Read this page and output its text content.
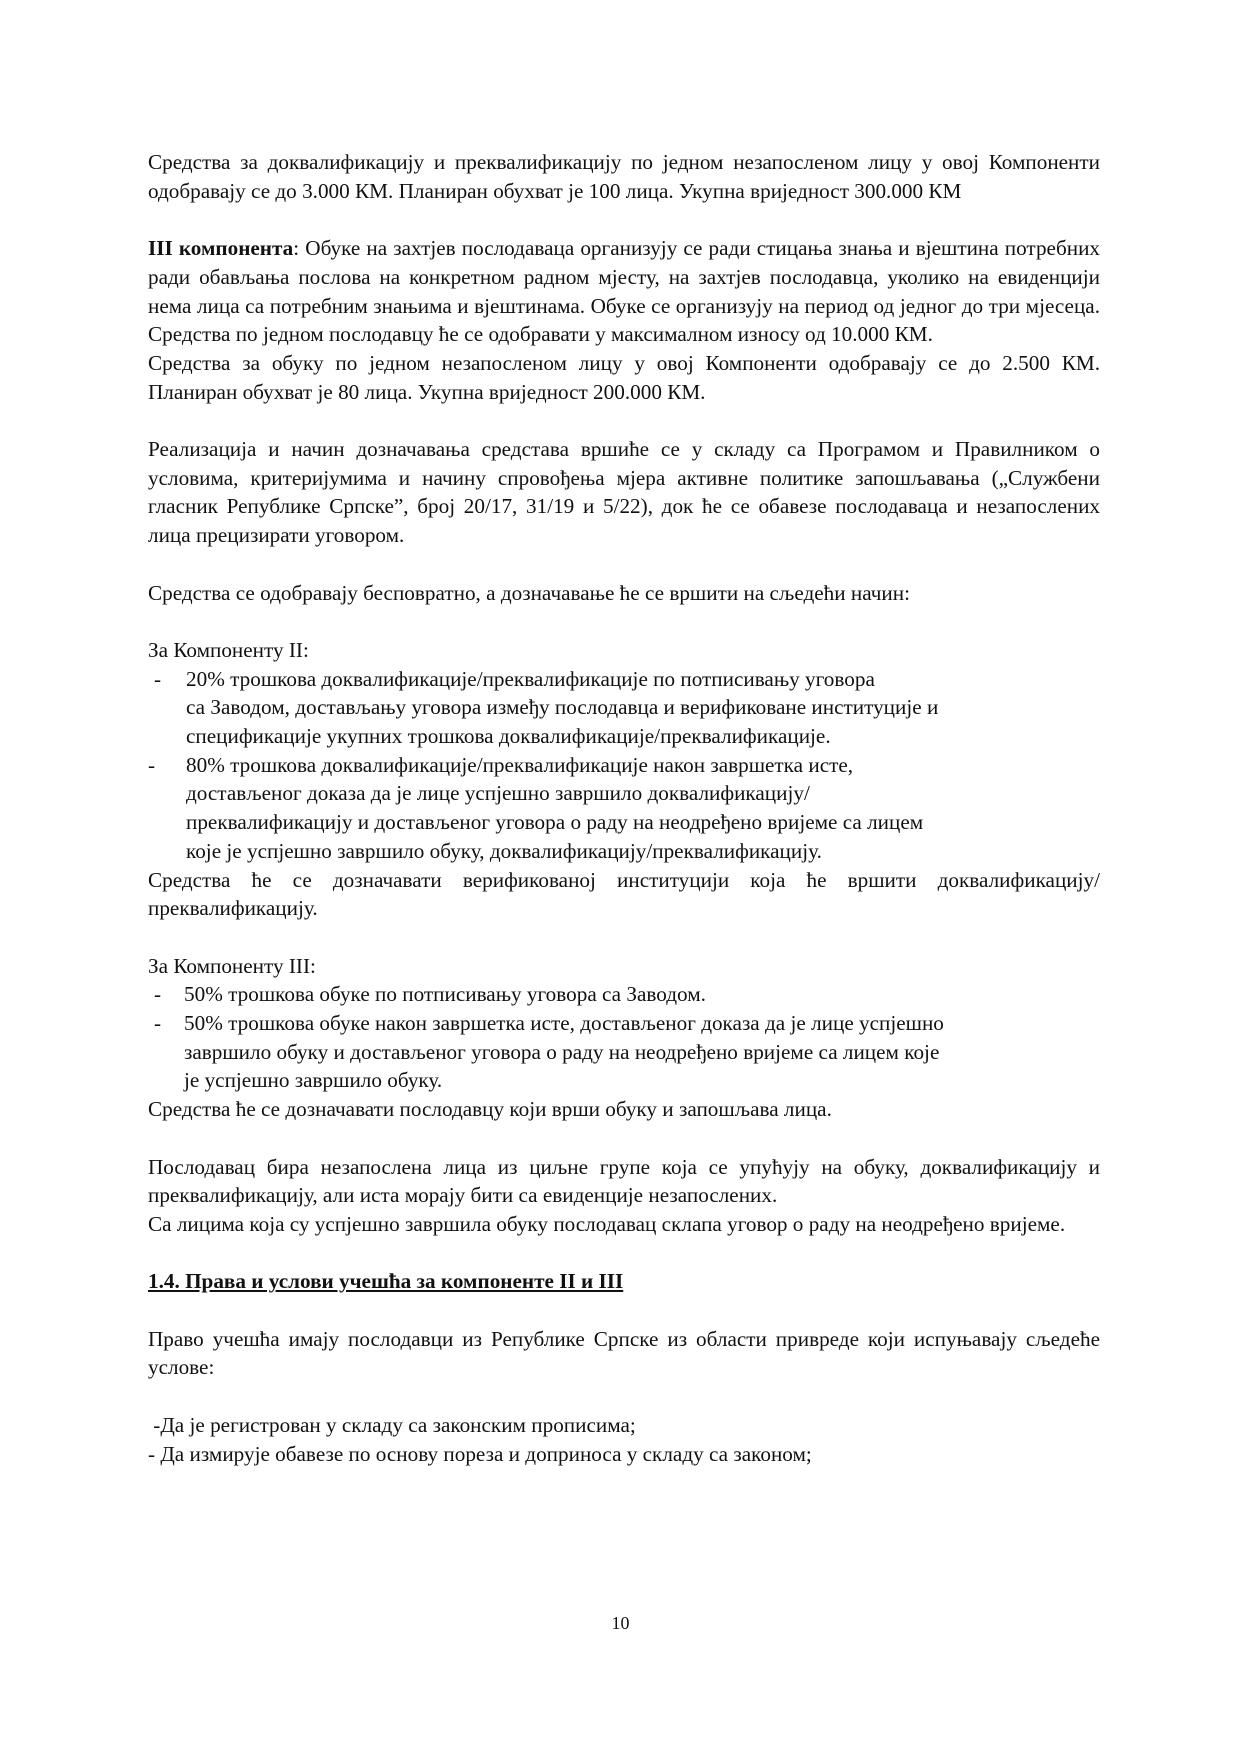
Средства за доквалификацију и преквалификацију по једном незапосленом лицу у овој Компоненти одобравају се до 3.000 КМ. Планиран обухват је 100 лица. Укупна вриједност 300.000 КМ

III компонента: Обуке на захтјев послодаваца организују се ради стицања знања и вјештина потребних ради обављања послова на конкретном радном мјесту, на захтјев послодавца, уколико на евиденцији нема лица са потребним знањима и вјештинама. Обуке се организују на период од једног до три мјесеца. Средства по једном послодавцу ће се одобравати у максималном износу од 10.000 КМ.

Средства за обуку по једном незапосленом лицу у овој Компоненти одобравају се до 2.500 КМ. Планиран обухват је 80 лица. Укупна вриједност 200.000 КМ.

Реализација и начин дозначавања средстава вршиће се у складу са Програмом и Правилником о условима, критеријумима и начину спровођења мјера активне политике запошљавања („Службени гласник Републике Српске”, број 20/17, 31/19 и 5/22), док ће се обавезе послодаваца и незапослених лица прецизирати уговором.

Средства се одобравају бесповратно, а дозначавање ће се вршити на сљедећи начин:

За Компоненту II:
- 20% трошкова доквалификације/преквалификације по потписивању уговора
са Заводом, достављању уговора између послодавца и верификоване институције и
спецификације укупних трошкова доквалификације/преквалификације.
- 80% трошкова доквалификације/преквалификације након завршетка исте,
достављеног доказа да је лице успјешно завршило доквалификацију/
преквалификацију и достављеног уговора о раду на неодређено вријеме са лицем
које је успјешно завршило обуку, доквалификацију/преквалификацију.

Средства ће се дозначавати верификованој институцији која ће вршити доквалификацију/преквалификацију.

За Компоненту III:
- 50% трошкова обуке по потписивању уговора са Заводом.
- 50% трошкова обуке након завршетка исте, достављеног доказа да је лице успјешно
завршило обуку и достављеног уговора о раду на неодређено вријеме са лицем које
је успјешно завршило обуку.
Средства ће се дозначавати послодавцу који врши обуку и запошљава лица.

Послодавац бира незапослена лица из циљне групе која се упућују на обуку, доквалификацију и преквалификацију, али иста морају бити са евиденције незапослених.

Са лицима која су успјешно завршила обуку послодавац склапа уговор о раду на неодређено вријеме.

1.4. Права и услови учешћа за компоненте II и III

Право учешћа имају послодавци из Републике Српске из области привреде који испуњавају сљедеће услове:

-Да је регистрован у складу са законским прописима;
- Да измирује обавезе по основу пореза и доприноса у складу са законом;
10
